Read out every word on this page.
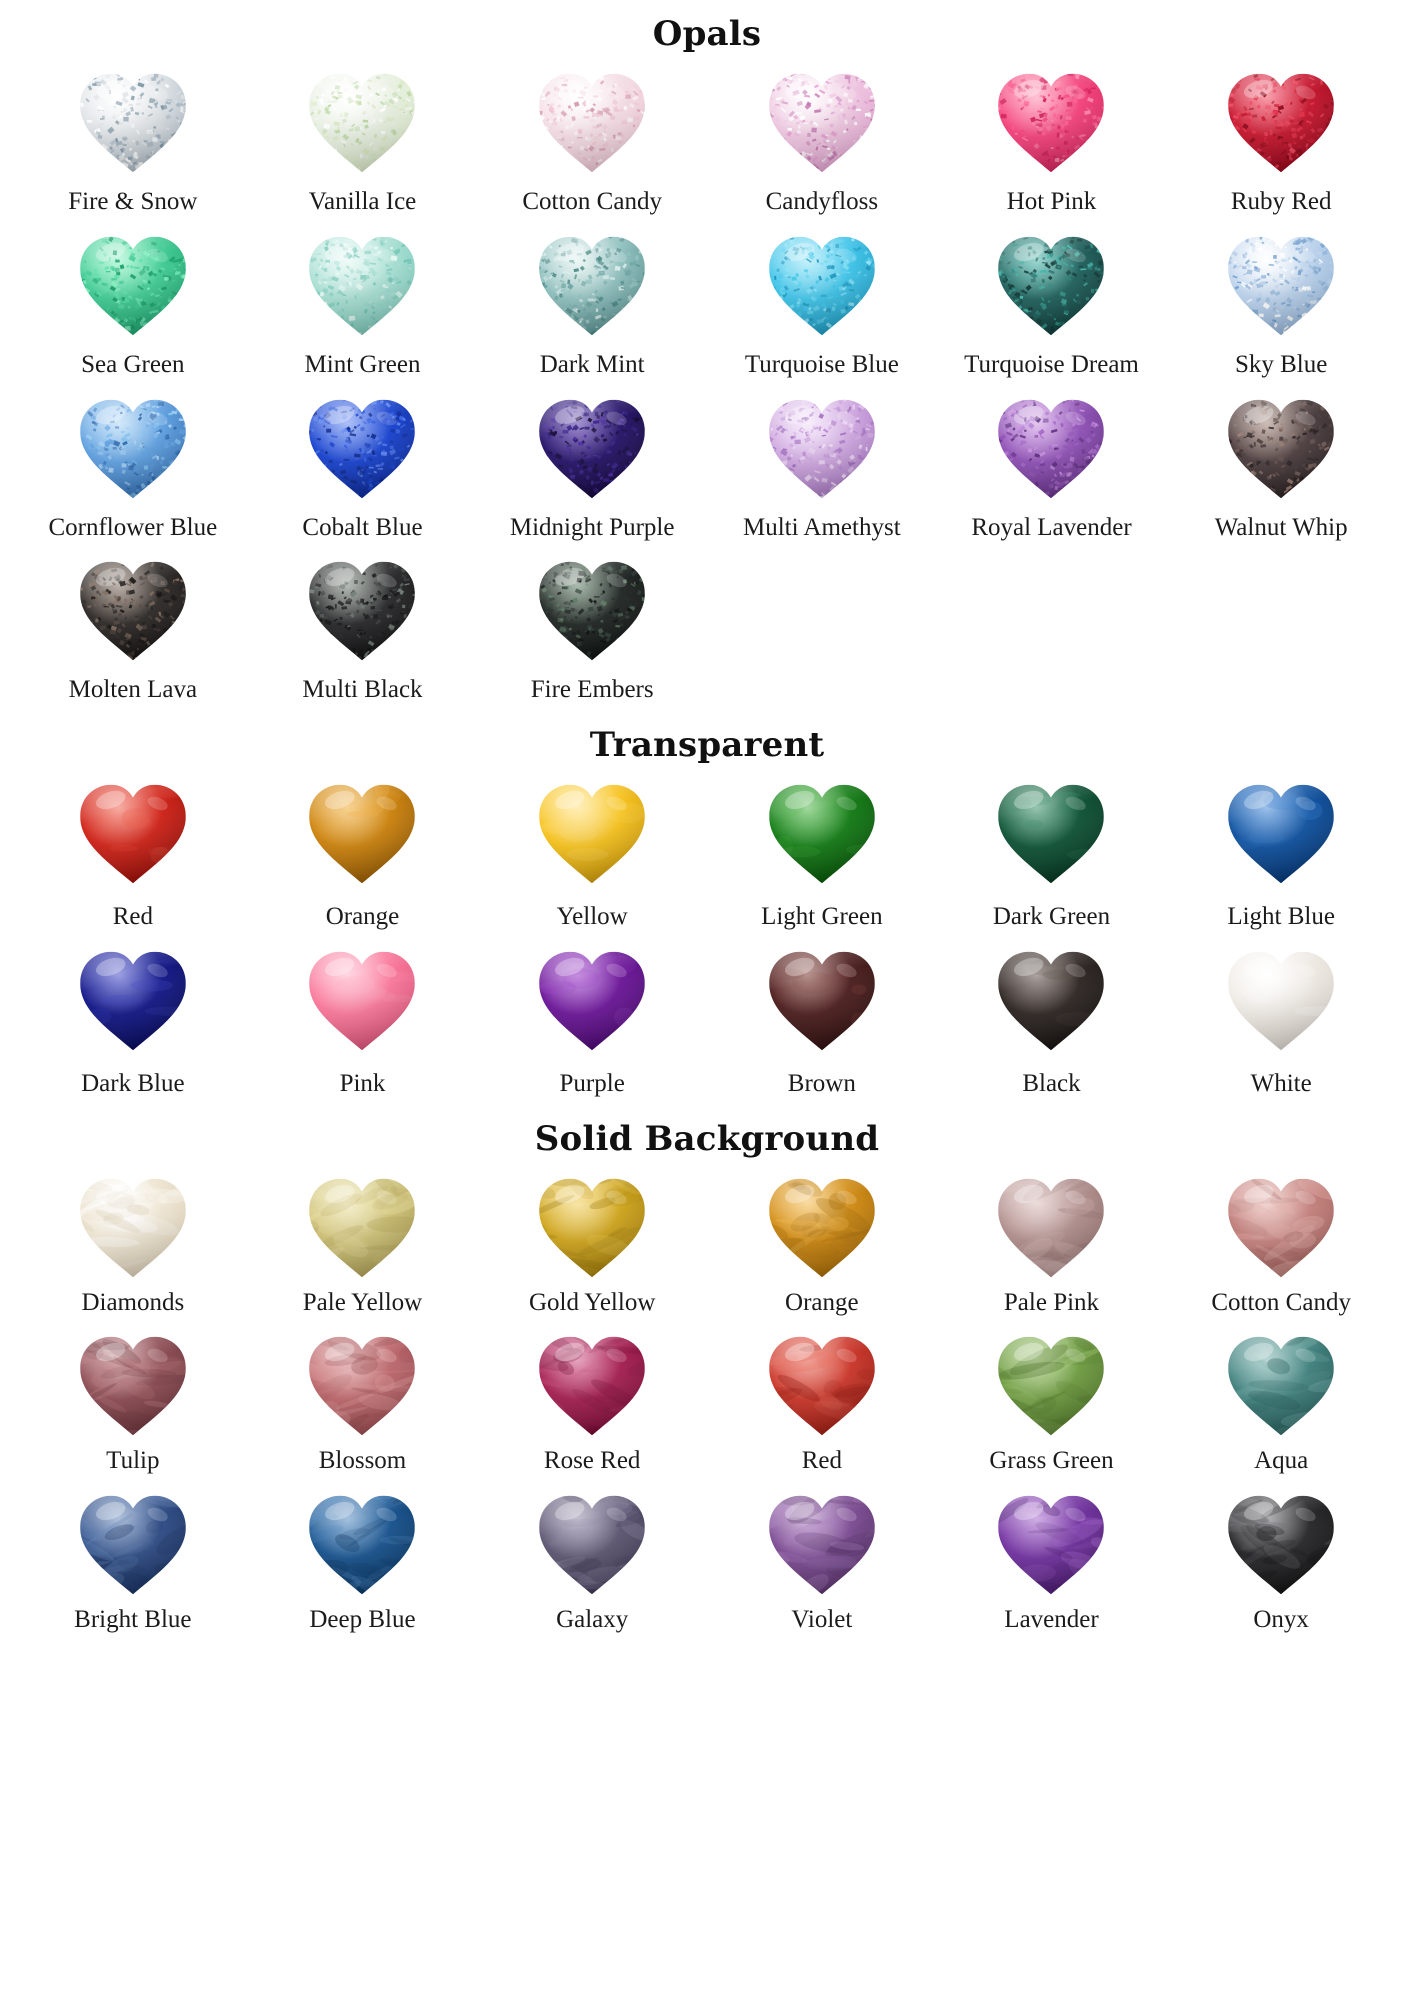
Opals
Fire & Snow	Vanilla Ice	Cotton Candy	Candyfloss	Hot Pink	Ruby Red
Sea Green	Mint Green	Dark Mint	Turquoise Blue	Turquoise Dream	Sky Blue
Cornflower Blue	Cobalt Blue	Midnight Purple	Multi Amethyst	Royal Lavender	Walnut Whip
Molten Lava	Multi Black	Fire Embers
Transparent
Red	Orange	Yellow	Light Green	Dark Green	Light Blue
Dark Blue	Pink	Purple	Brown	Black	White
Solid Background
Diamonds	Pale Yellow	Gold Yellow	Orange	Pale Pink	Cotton Candy
Tulip	Blossom	Rose Red	Red	Grass Green	Aqua
Bright Blue	Deep Blue	Galaxy	Violet	Lavender	Onyx
